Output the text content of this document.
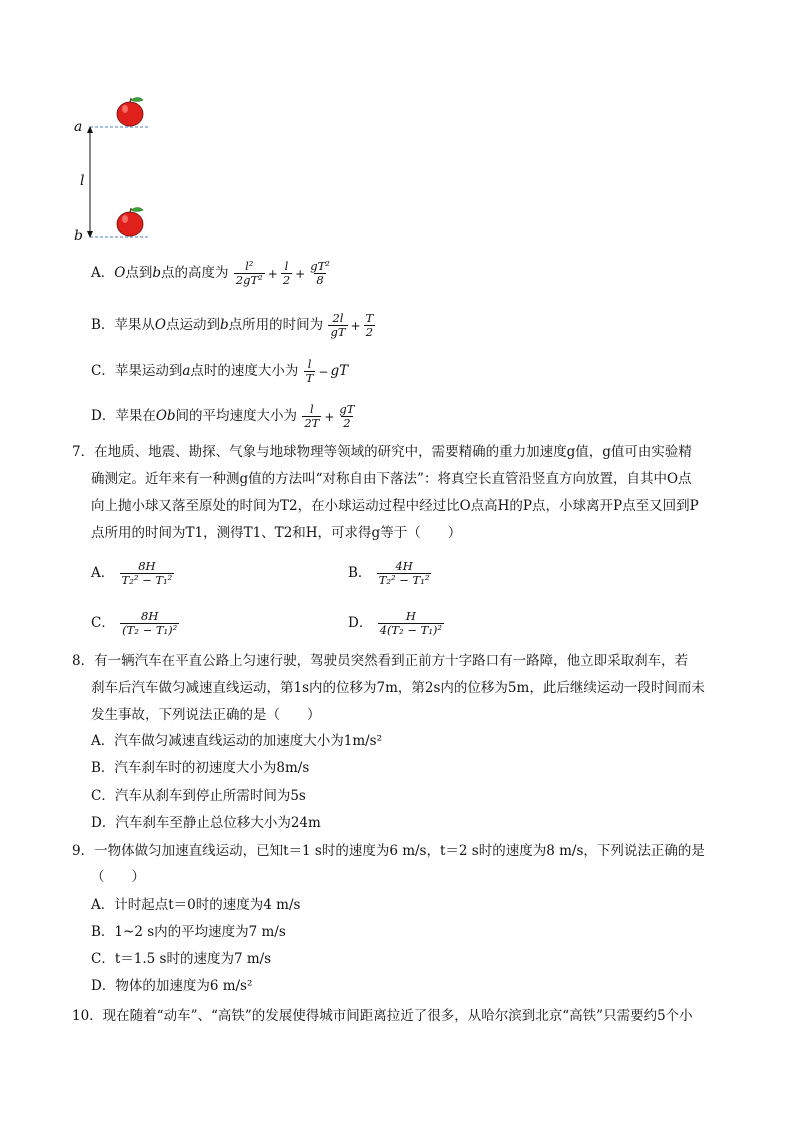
a
b
l
A．O点到b点的高度为 $\frac{\text{l²}}{\text{2gT²}} + \frac{l}{2} + \frac{\text{gT²}}{8}$
B．苹果从O点运动到b点所用的时间为 $\frac{2l}{gT} + \frac{T}{2}$
C．苹果运动到a点时的速度大小为 $\frac{l}{T}$ − gT
D．苹果在Ob间的平均速度大小为 $\frac{l}{2T} + \frac{gT}{2}$
7．在地质、地震、勘探、气象与地球物理等领域的研究中，需要精确的重力加速度g值，g值可由实验精
确测定。近年来有一种测g值的方法叫“对称自由下落法”：将真空长直管沿竖直方向放置，自其中O点
向上抛小球又落至原处的时间为T2，在小球运动过程中经过比O点高H的P点，小球离开P点至又回到P
点所用的时间为T1，测得T1、T2和H，可求得g等于（　　）
A． $\frac{8H}{\text{T₂² − T₁²}}$	B． $\frac{4H}{\text{T₂² − T₁²}}$
C． $\frac{8H}{\text{(T₂ − T₁)²}}$	D． $\frac{H}{\text{4(T₂ − T₁)²}}$
8．有一辆汽车在平直公路上匀速行驶，驾驶员突然看到正前方十字路口有一路障，他立即采取刹车，若
刹车后汽车做匀减速直线运动，第1s内的位移为7m，第2s内的位移为5m，此后继续运动一段时间而未
发生事故，下列说法正确的是（　　）
A．汽车做匀减速直线运动的加速度大小为1m/s²
B．汽车刹车时的初速度大小为8m/s
C．汽车从刹车到停止所需时间为5s
D．汽车刹车至静止总位移大小为24m
9．一物体做匀加速直线运动，已知t＝1 s时的速度为6 m/s，t＝2 s时的速度为8 m/s，下列说法正确的是
（　　）
A．计时起点t＝0时的速度为4 m/s
B．1~2 s内的平均速度为7 m/s
C．t＝1.5 s时的速度为7 m/s
D．物体的加速度为6 m/s²
10．现在随着“动车”、“高铁”的发展使得城市间距离拉近了很多，从哈尔滨到北京“高铁”只需要约5个小
